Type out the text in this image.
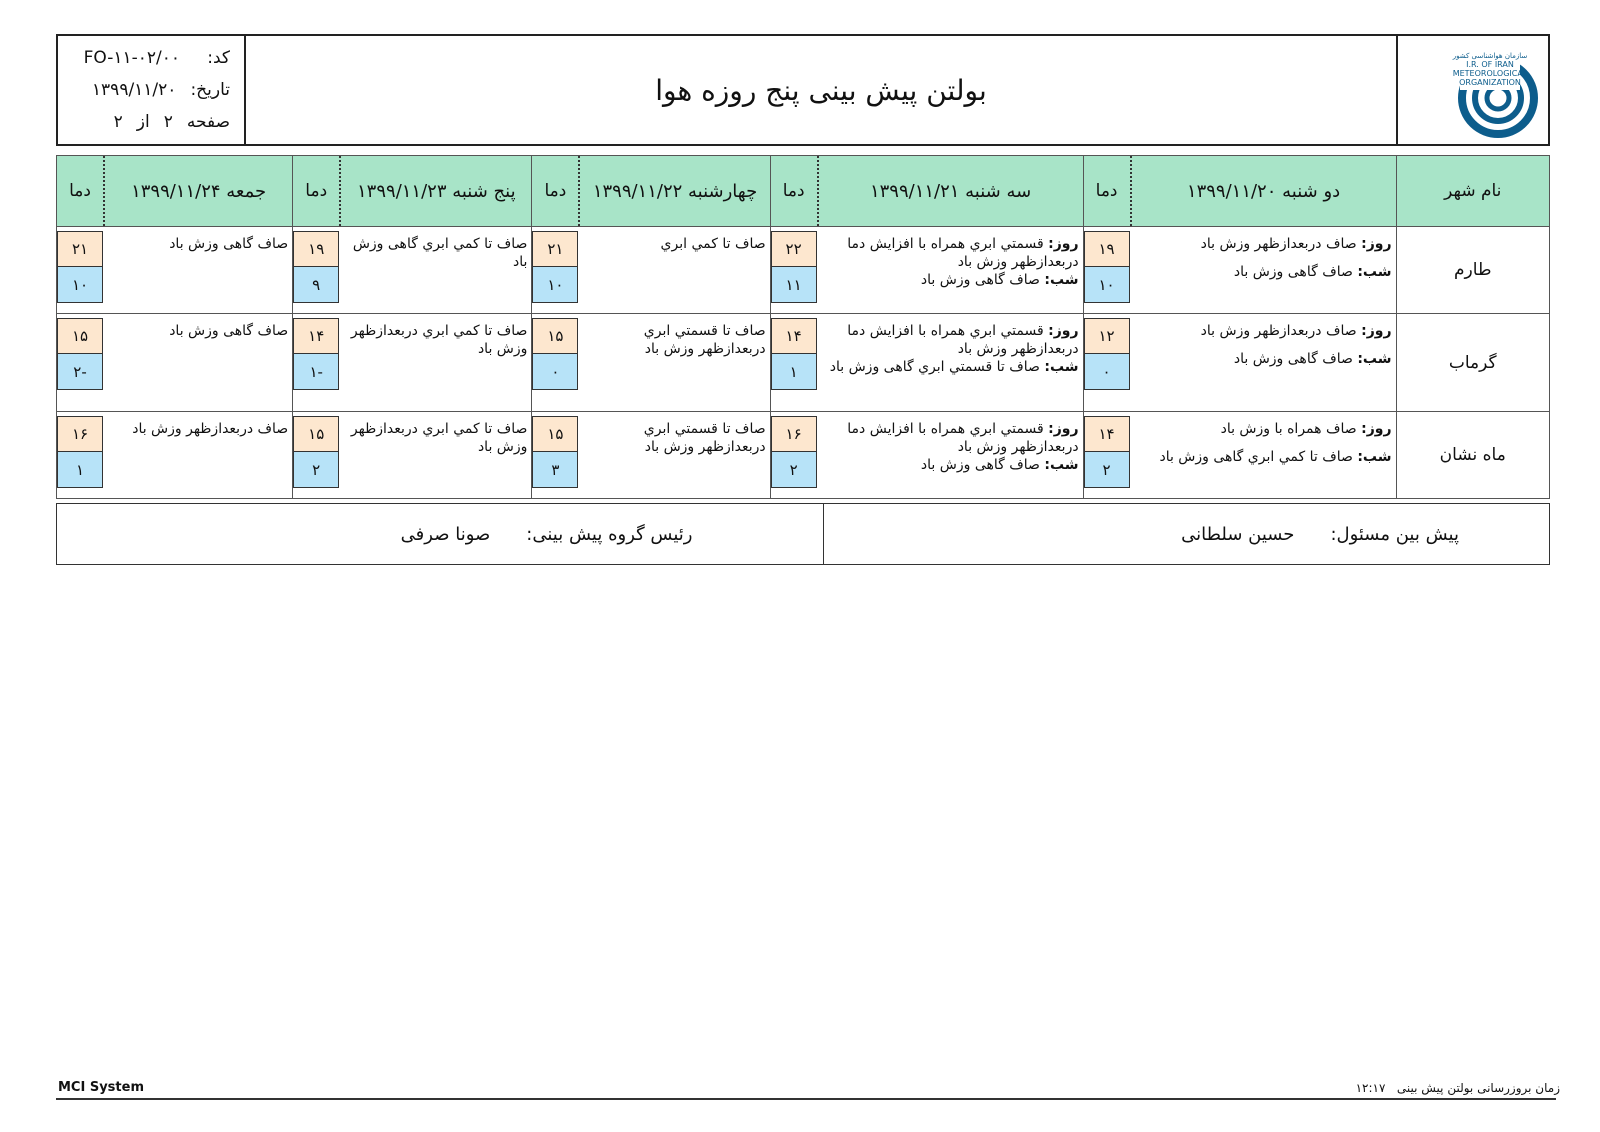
سازمان هواشناسی کشور
I.R. OF IRAN
METEOROLOGICAL
ORGANIZATION
بولتن پیش بینی پنج روزه هوا
کد:
FO-۱۱-۰۲/۰۰
تاریخ:
۱۳۹۹/۱۱/۲۰
صفحه
۲
از
۲
نام شهر
دو شنبه ۱۳۹۹/۱۱/۲۰
دما
سه شنبه ۱۳۹۹/۱۱/۲۱
دما
چهارشنبه ۱۳۹۹/۱۱/۲۲
دما
پنج شنبه ۱۳۹۹/۱۱/۲۳
دما
جمعه ۱۳۹۹/۱۱/۲۴
دما
طارم
روز: صاف دربعدازظهر وزش باد
شب: صاف گاهی وزش باد
۱۹
۱۰
روز: قسمتي ابري همراه با افزايش دما دربعدازظهر وزش باد
شب: صاف گاهی وزش باد
۲۲
۱۱
صاف تا كمي ابري
۲۱
۱۰
صاف تا كمي ابري گاهی وزش باد
۱۹
۹
صاف گاهی وزش باد
۲۱
۱۰
گرماب
روز: صاف دربعدازظهر وزش باد
شب: صاف گاهی وزش باد
۱۲
۰
روز: قسمتي ابري همراه با افزايش دما دربعدازظهر وزش باد
شب: صاف تا قسمتي ابري گاهی وزش باد
۱۴
۱
صاف تا قسمتي ابري دربعدازظهر وزش باد
۱۵
۰
صاف تا كمي ابري دربعدازظهر وزش باد
۱۴
-۱
صاف گاهی وزش باد
۱۵
-۲
ماه نشان
روز: صاف همراه با وزش باد
شب: صاف تا كمي ابري گاهی وزش باد
۱۴
۲
روز: قسمتي ابري همراه با افزايش دما دربعدازظهر وزش باد
شب: صاف گاهی وزش باد
۱۶
۲
صاف تا قسمتي ابري دربعدازظهر وزش باد
۱۵
۳
صاف تا كمي ابري دربعدازظهر وزش باد
۱۵
۲
صاف دربعدازظهر وزش باد
۱۶
۱
پیش بین مسئول:
حسين سلطانی
رئیس گروه پیش بینی:
صونا صرفی
MCI System	زمان بروزرسانی بولتن پیش بینی   ۱۲:۱۷
